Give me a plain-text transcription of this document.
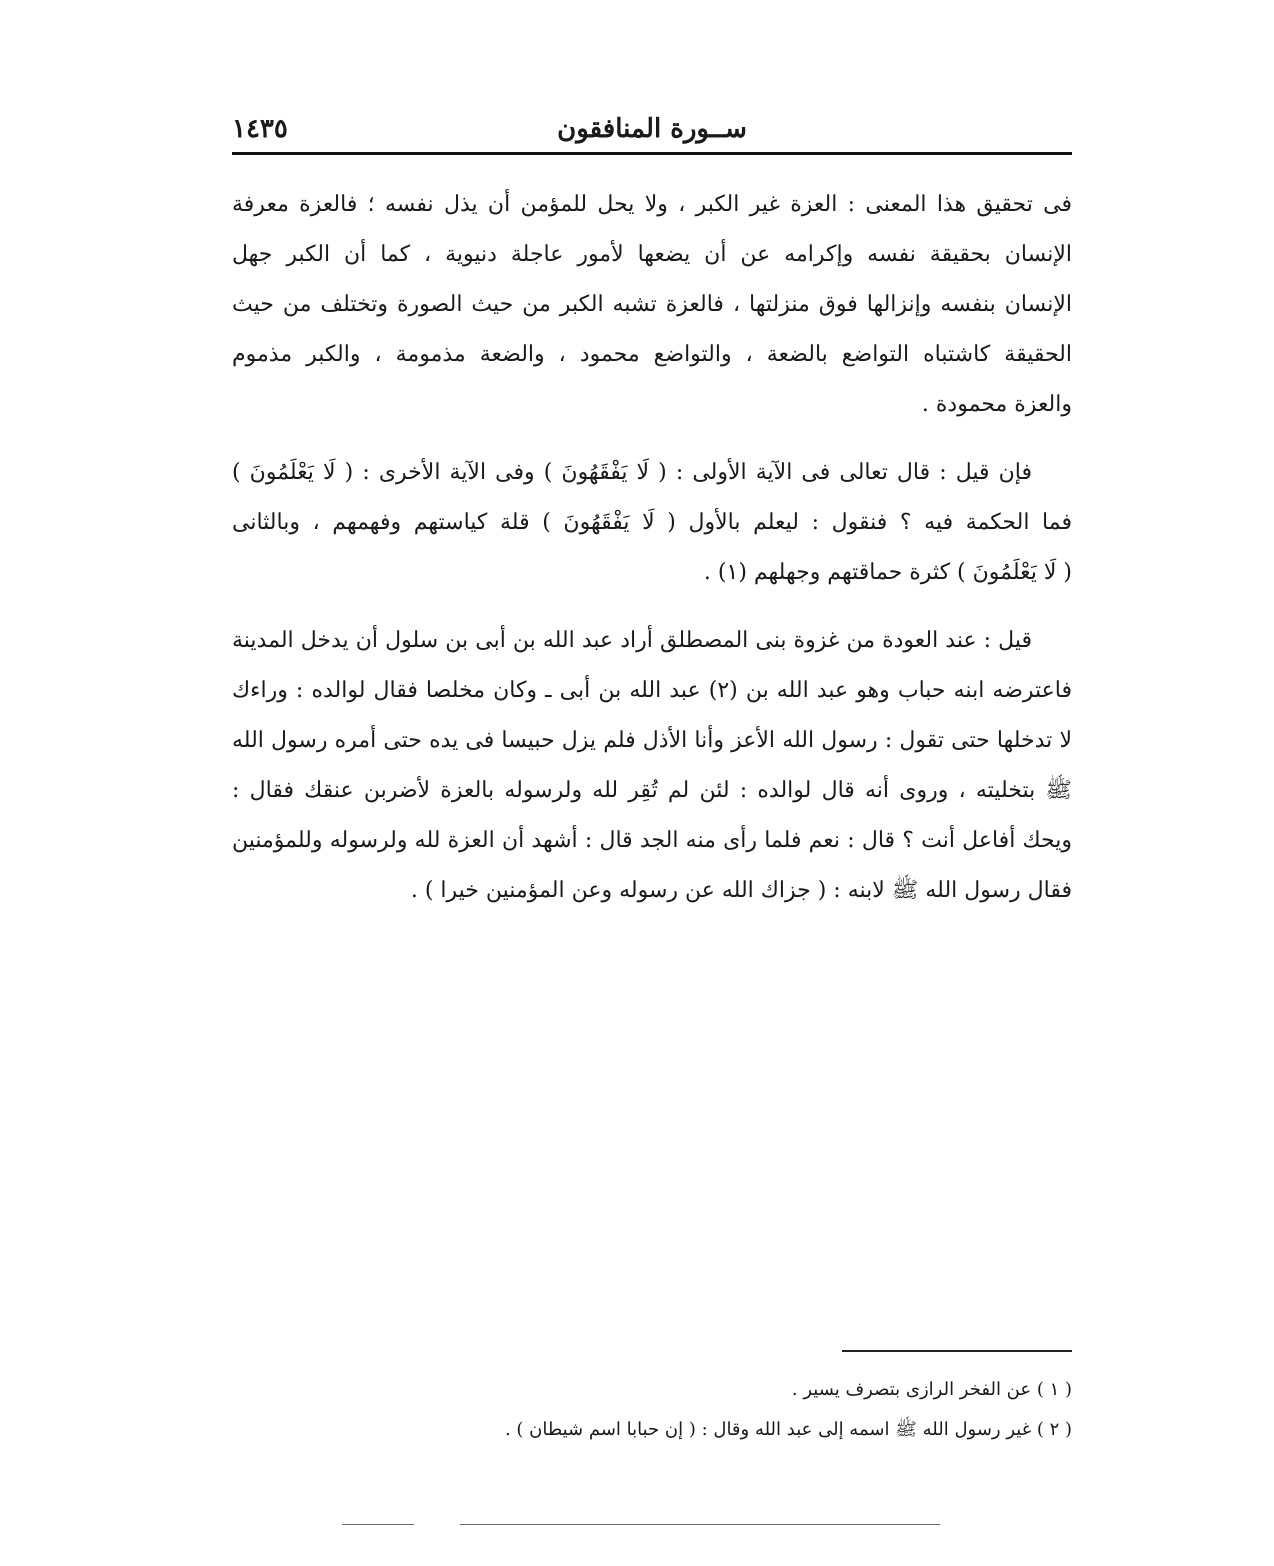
١٤٣٥	ســورة المنافقون
فى تحقيق هذا المعنى : العزة غير الكبر ، ولا يحل للمؤمن أن يذل نفسه ؛ فالعزة معرفة
الإنسان بحقيقة نفسه وإكرامه عن أن يضعها لأمور عاجلة دنيوية ، كما أن الكبر جهل
الإنسان بنفسه وإنزالها فوق منزلتها ، فالعزة تشبه الكبر من حيث الصورة وتختلف من حيث
الحقيقة كاشتباه التواضع بالضعة ، والتواضع محمود ، والضعة مذمومة ، والكبر مذموم
والعزة محمودة .
فإن قيل : قال تعالى فى الآية الأولى : ( لَا يَفْقَهُونَ ) وفى الآية الأخرى : ( لَا يَعْلَمُونَ )
فما الحكمة فيه ؟ فنقول : ليعلم بالأول ( لَا يَفْقَهُونَ ) قلة كياستهم وفهمهم ، وبالثانى
( لَا يَعْلَمُونَ ) كثرة حماقتهم وجهلهم (١) .
قيل : عند العودة من غزوة بنى المصطلق أراد عبد الله بن أبى بن سلول أن يدخل المدينة
فاعترضه ابنه حباب وهو عبد الله بن (٢) عبد الله بن أبى ـ وكان مخلصا فقال لوالده : وراءك
لا تدخلها حتى تقول : رسول الله الأعز وأنا الأذل فلم يزل حبيسا فى يده حتى أمره رسول الله
ﷺ بتخليته ، وروى أنه قال لوالده : لئن لم تُقِر لله ولرسوله بالعزة لأضربن عنقك فقال :
ويحك أفاعل أنت ؟ قال : نعم فلما رأى منه الجد قال : أشهد أن العزة لله ولرسوله وللمؤمنين
فقال رسول الله ﷺ لابنه : ( جزاك الله عن رسوله وعن المؤمنين خيرا ) .
( ١ ) عن الفخر الرازى بتصرف يسير .
( ٢ ) غير رسول الله ﷺ اسمه إلى عبد الله وقال : ( إن حبابا اسم شيطان ) .
